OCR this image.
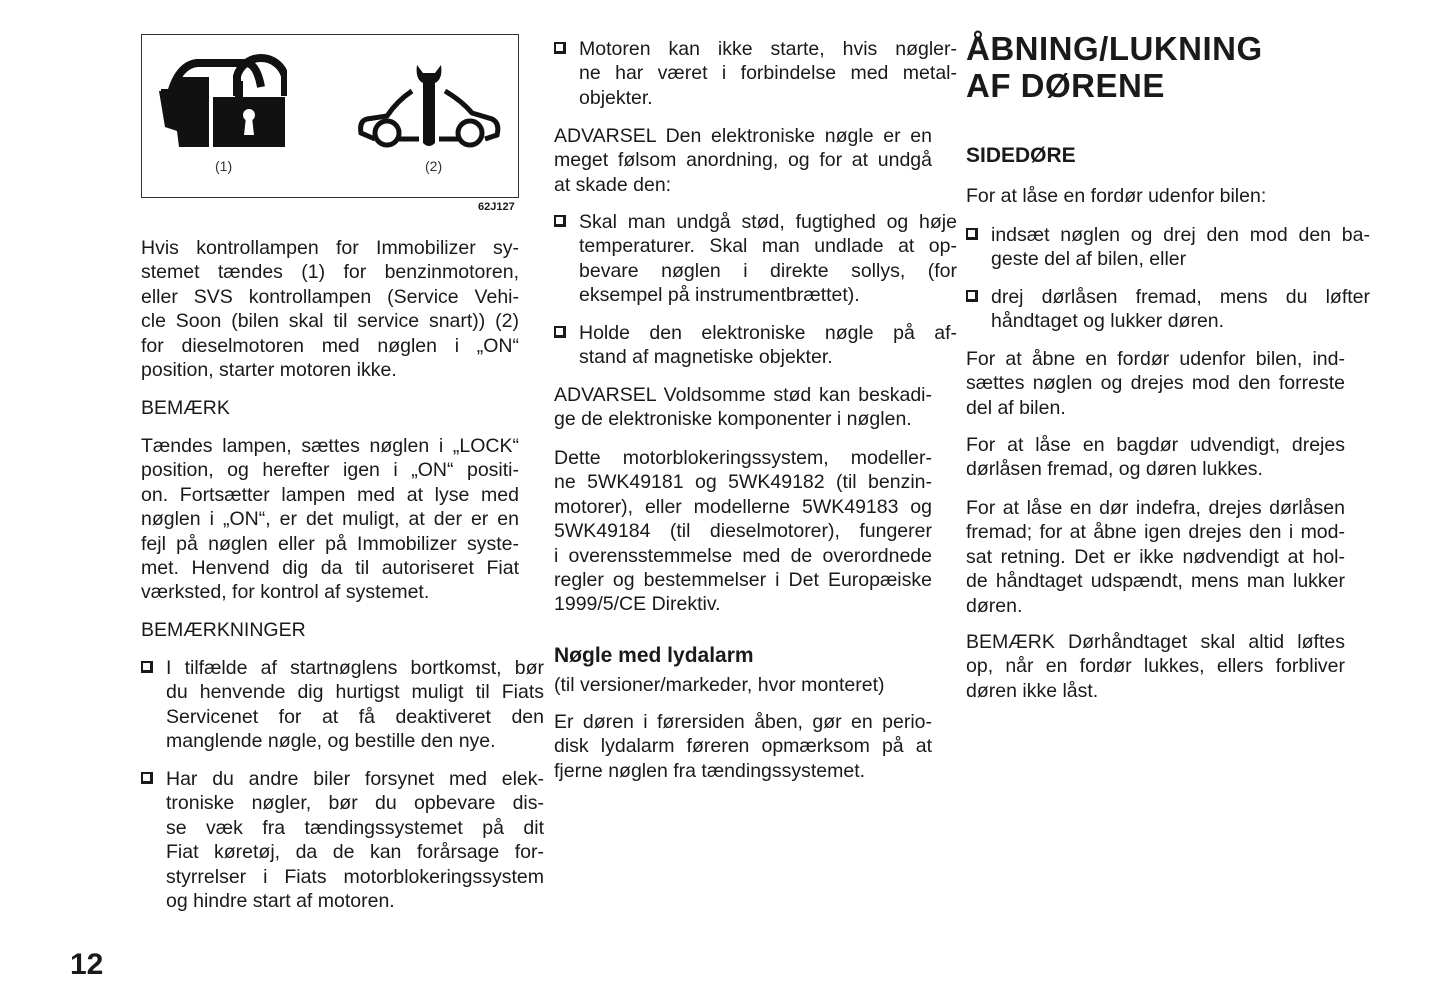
(1)	(2)
62J127
Hvis kontrollampen for Immobilizer sy-
stemet tændes (1) for benzinmotoren,
eller SVS kontrollampen (Service Vehi-
cle Soon (bilen skal til service snart)) (2)
for dieselmotoren med nøglen i „ON“
position, starter motoren ikke.
BEMÆRK
Tændes lampen, sættes nøglen i „LOCK“
position, og herefter igen i „ON“ positi-
on. Fortsætter lampen med at lyse med
nøglen i „ON“, er det muligt, at der er en
fejl på nøglen eller på Immobilizer syste-
met. Henvend dig da til autoriseret Fiat
værksted, for kontrol af systemet.
BEMÆRKNINGER
I tilfælde af startnøglens bortkomst, bør
du henvende dig hurtigst muligt til Fiats
Servicenet for at få deaktiveret den
manglende nøgle, og bestille den nye.
Har du andre biler forsynet med elek-
troniske nøgler, bør du opbevare dis-
se væk fra tændingssystemet på dit
Fiat køretøj, da de kan forårsage for-
styrrelser i Fiats motorblokeringssystem
og hindre start af motoren.
Motoren kan ikke starte, hvis nøgler-
ne har været i forbindelse med metal-
objekter.
ADVARSEL Den elektroniske nøgle er en
meget følsom anordning, og for at undgå
at skade den:
Skal man undgå stød, fugtighed og høje
temperaturer. Skal man undlade at op-
bevare nøglen i direkte sollys, (for
eksempel på instrumentbrættet).
Holde den elektroniske nøgle på af-
stand af magnetiske objekter.
ADVARSEL Voldsomme stød kan beskadi-
ge de elektroniske komponenter i nøglen.
Dette motorblokeringssystem, modeller-
ne 5WK49181 og 5WK49182 (til benzin-
motorer), eller modellerne 5WK49183 og
5WK49184 (til dieselmotorer), fungerer
i overensstemmelse med de overordnede
regler og bestemmelser i Det Europæiske
1999/5/CE Direktiv.
Nøgle med lydalarm
(til versioner/markeder, hvor monteret)
Er døren i førersiden åben, gør en perio-
disk lydalarm føreren opmærksom på at
fjerne nøglen fra tændingssystemet.
ÅBNING/LUKNING
AF DØRENE
SIDEDØRE
For at låse en fordør udenfor bilen:
indsæt nøglen og drej den mod den ba-
geste del af bilen, eller
drej dørlåsen fremad, mens du løfter
håndtaget og lukker døren.
For at åbne en fordør udenfor bilen, ind-
sættes nøglen og drejes mod den forreste
del af bilen.
For at låse en bagdør udvendigt, drejes
dørlåsen fremad, og døren lukkes.
For at låse en dør indefra, drejes dørlåsen
fremad; for at åbne igen drejes den i mod-
sat retning. Det er ikke nødvendigt at hol-
de håndtaget udspændt, mens man lukker
døren.
BEMÆRK Dørhåndtaget skal altid løftes
op, når en fordør lukkes, ellers forbliver
døren ikke låst.
12
